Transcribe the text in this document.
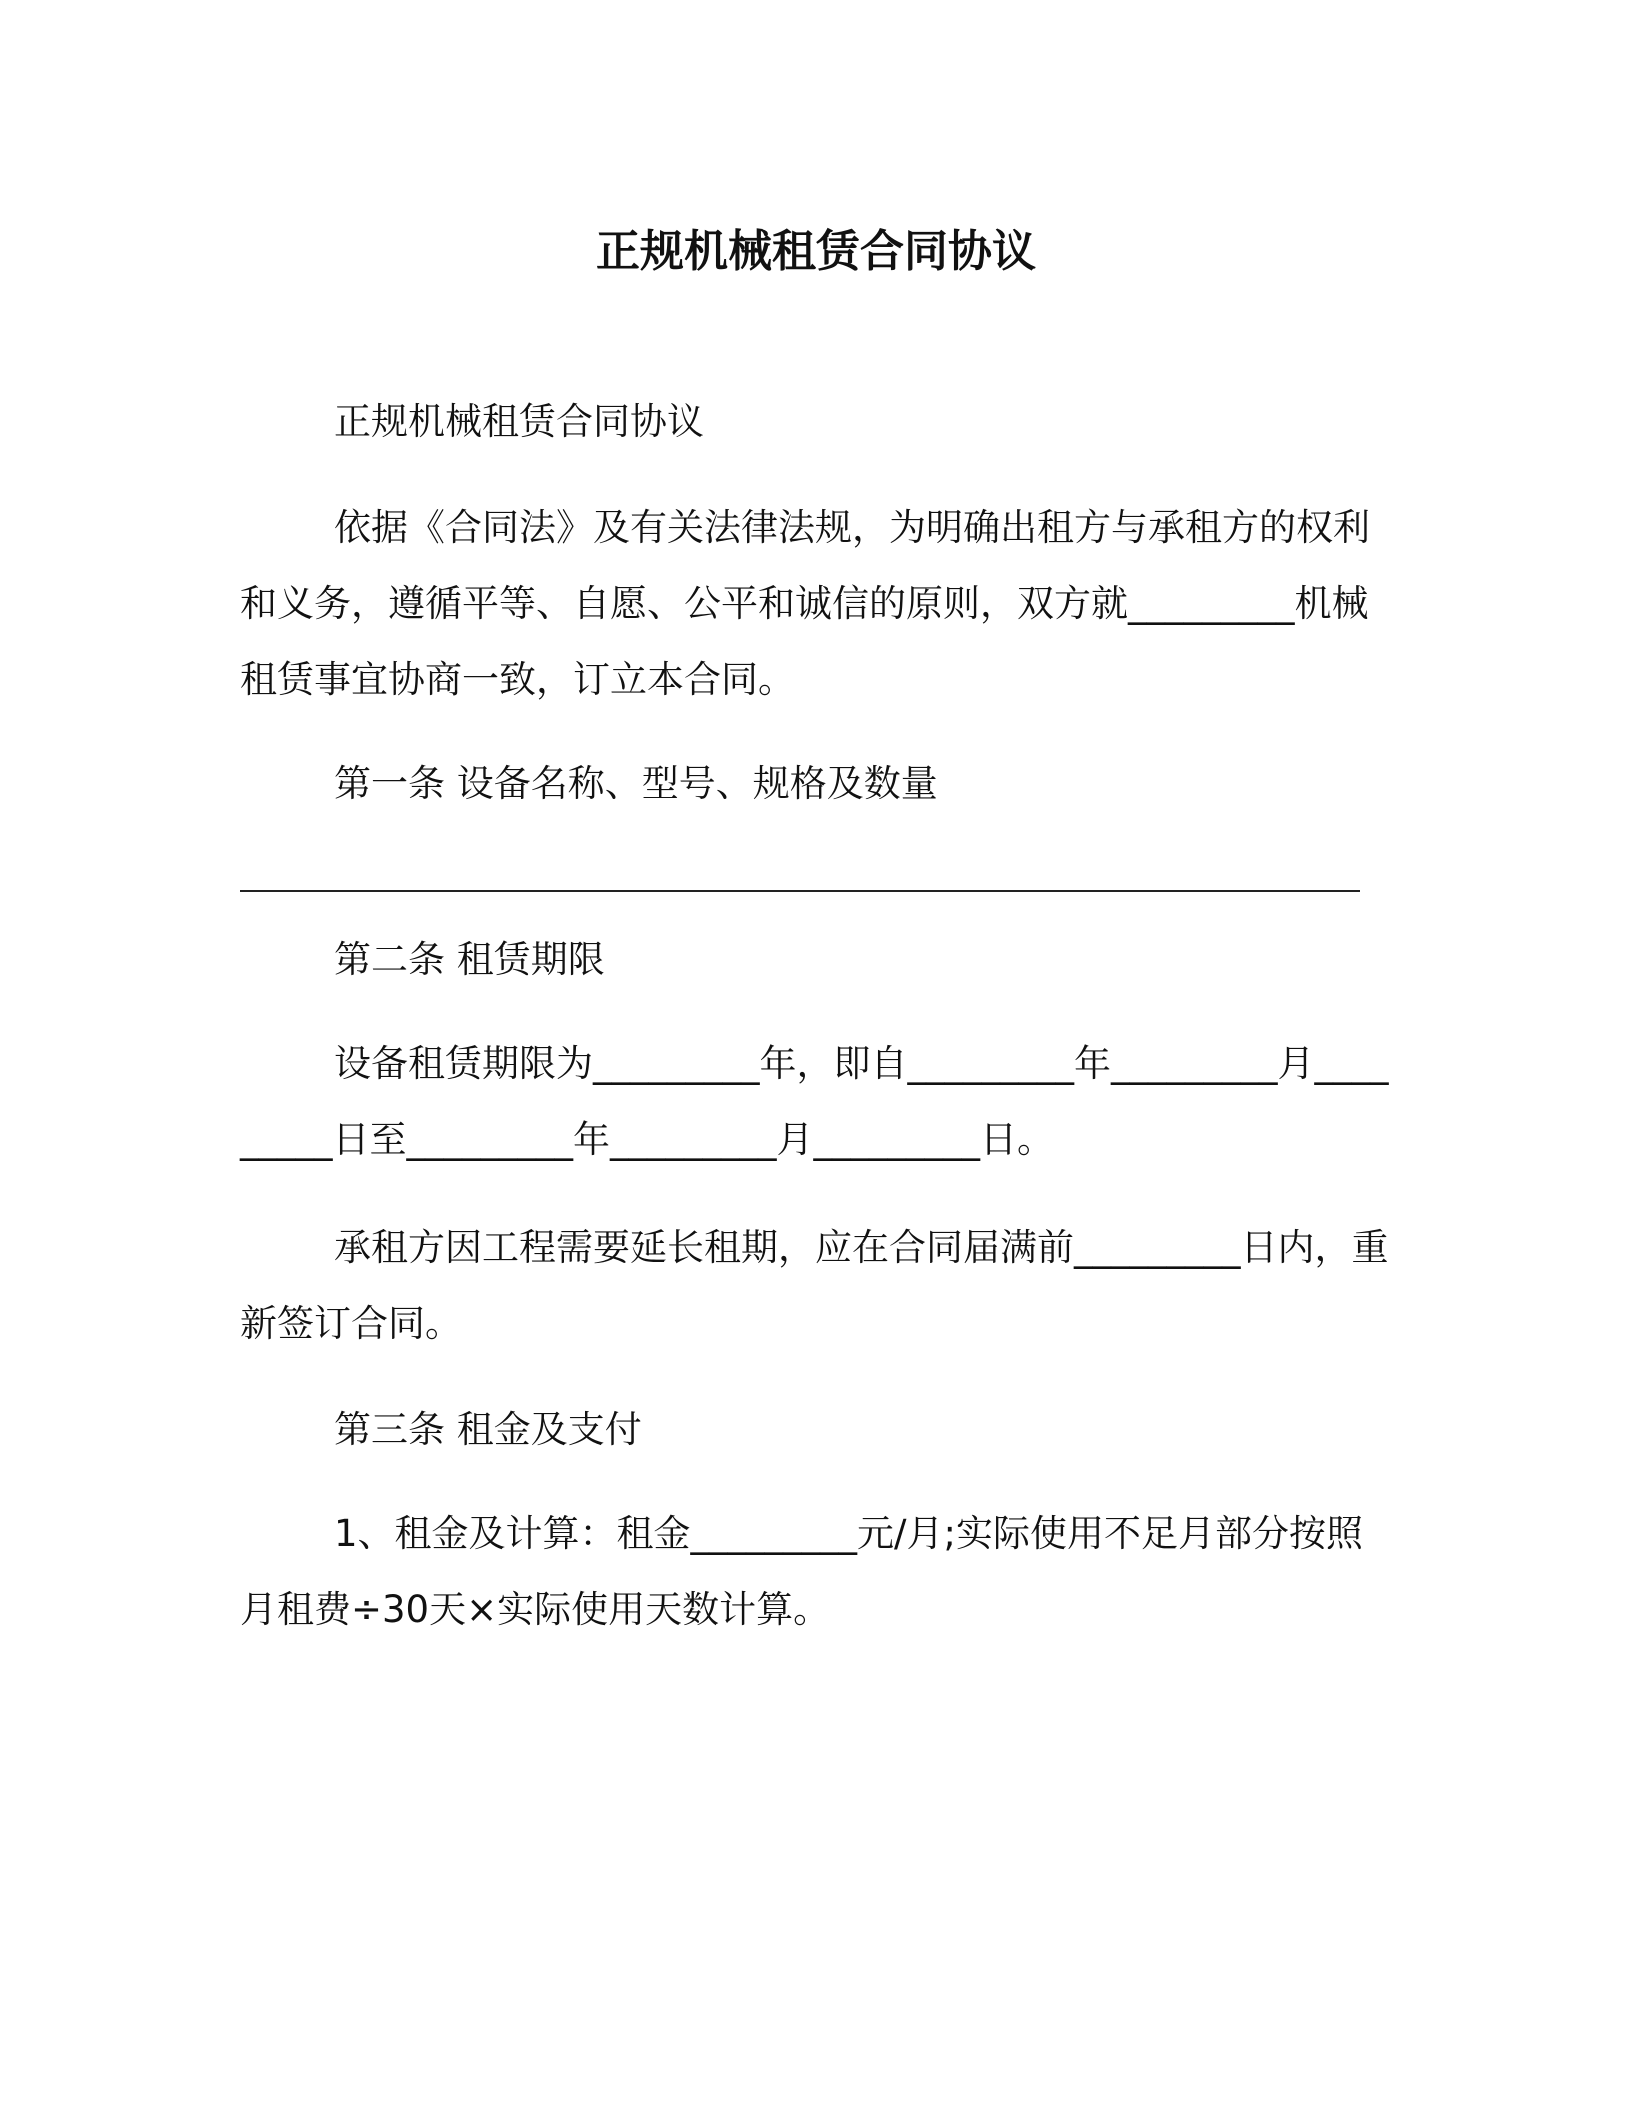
正规机械租赁合同协议

正规机械租赁合同协议

依据《合同法》及有关法律法规，为明确出租方与承租方的权利和义务，遵循平等、自愿、公平和诚信的原则，双方就_________机械租赁事宜协商一致，订立本合同。

第一条 设备名称、型号、规格及数量

第二条 租赁期限

设备租赁期限为_________年，即自_________年_________月_________日至_________年_________月_________日。

承租方因工程需要延长租期，应在合同届满前_________日内，重新签订合同。

第三条 租金及支付

1、租金及计算：租金_________元/月;实际使用不足月部分按照月租费÷30天×实际使用天数计算。
